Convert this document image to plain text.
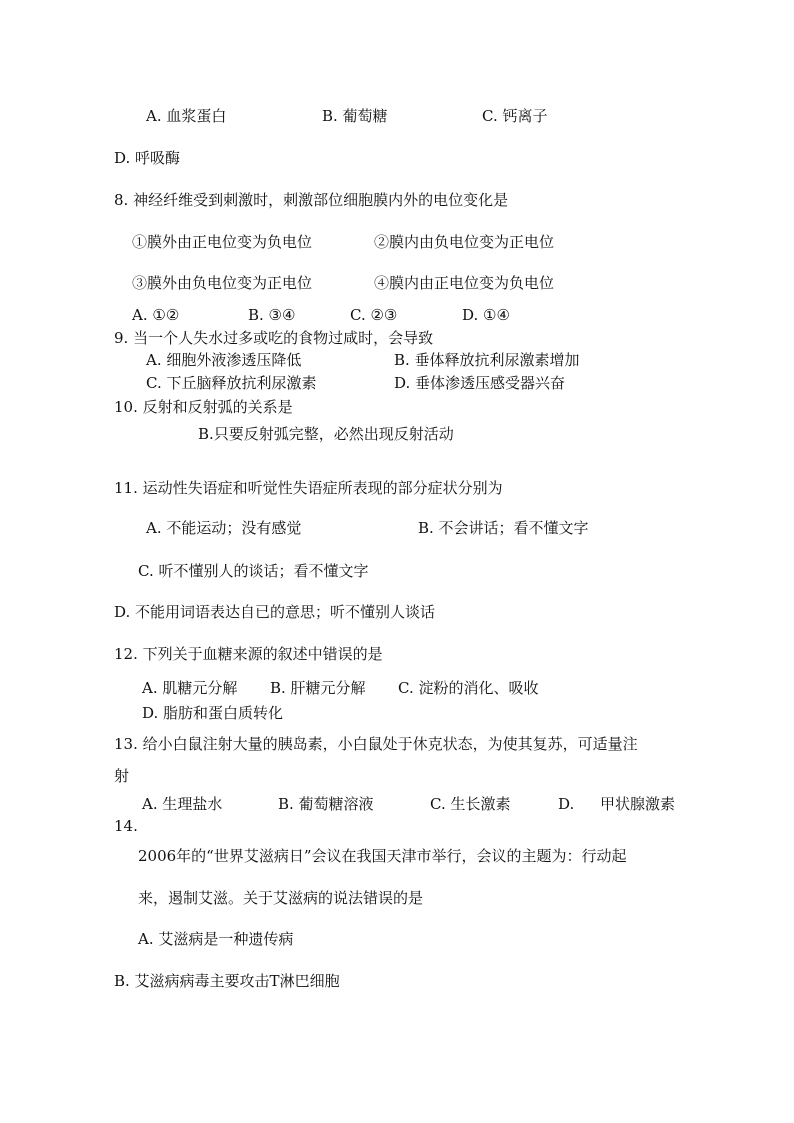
A. 血浆蛋白	B. 葡萄糖	C. 钙离子
D. 呼吸酶
8. 神经纤维受到刺激时，刺激部位细胞膜内外的电位变化是
①膜外由正电位变为负电位	②膜内由负电位变为正电位
③膜外由负电位变为正电位	④膜内由正电位变为负电位
A. ①②	B. ③④	C. ②③	D. ①④
9. 当一个人失水过多或吃的食物过咸时，会导致
A. 细胞外液渗透压降低	B. 垂体释放抗利尿激素增加
C. 下丘脑释放抗利尿激素	D. 垂体渗透压感受器兴奋
10. 反射和反射弧的关系是
B.只要反射弧完整，必然出现反射活动
11. 运动性失语症和听觉性失语症所表现的部分症状分别为
A. 不能运动；没有感觉	B. 不会讲话；看不懂文字
C. 听不懂别人的谈话；看不懂文字
D. 不能用词语表达自已的意思；听不懂别人谈话
12. 下列关于血糖来源的叙述中错误的是
A. 肌糖元分解 B. 肝糖元分解 C. 淀粉的消化、吸收
D. 脂肪和蛋白质转化
13. 给小白鼠注射大量的胰岛素，小白鼠处于休克状态，为使其复苏，可适量注
射
A. 生理盐水	B. 葡萄糖溶液	C. 生长激素	D. 甲状腺激素
14.
2006年的“世界艾滋病日”会议在我国天津市举行，会议的主题为：行动起
来，遏制艾滋。关于艾滋病的说法错误的是
A. 艾滋病是一种遗传病
B. 艾滋病病毒主要攻击T淋巴细胞
